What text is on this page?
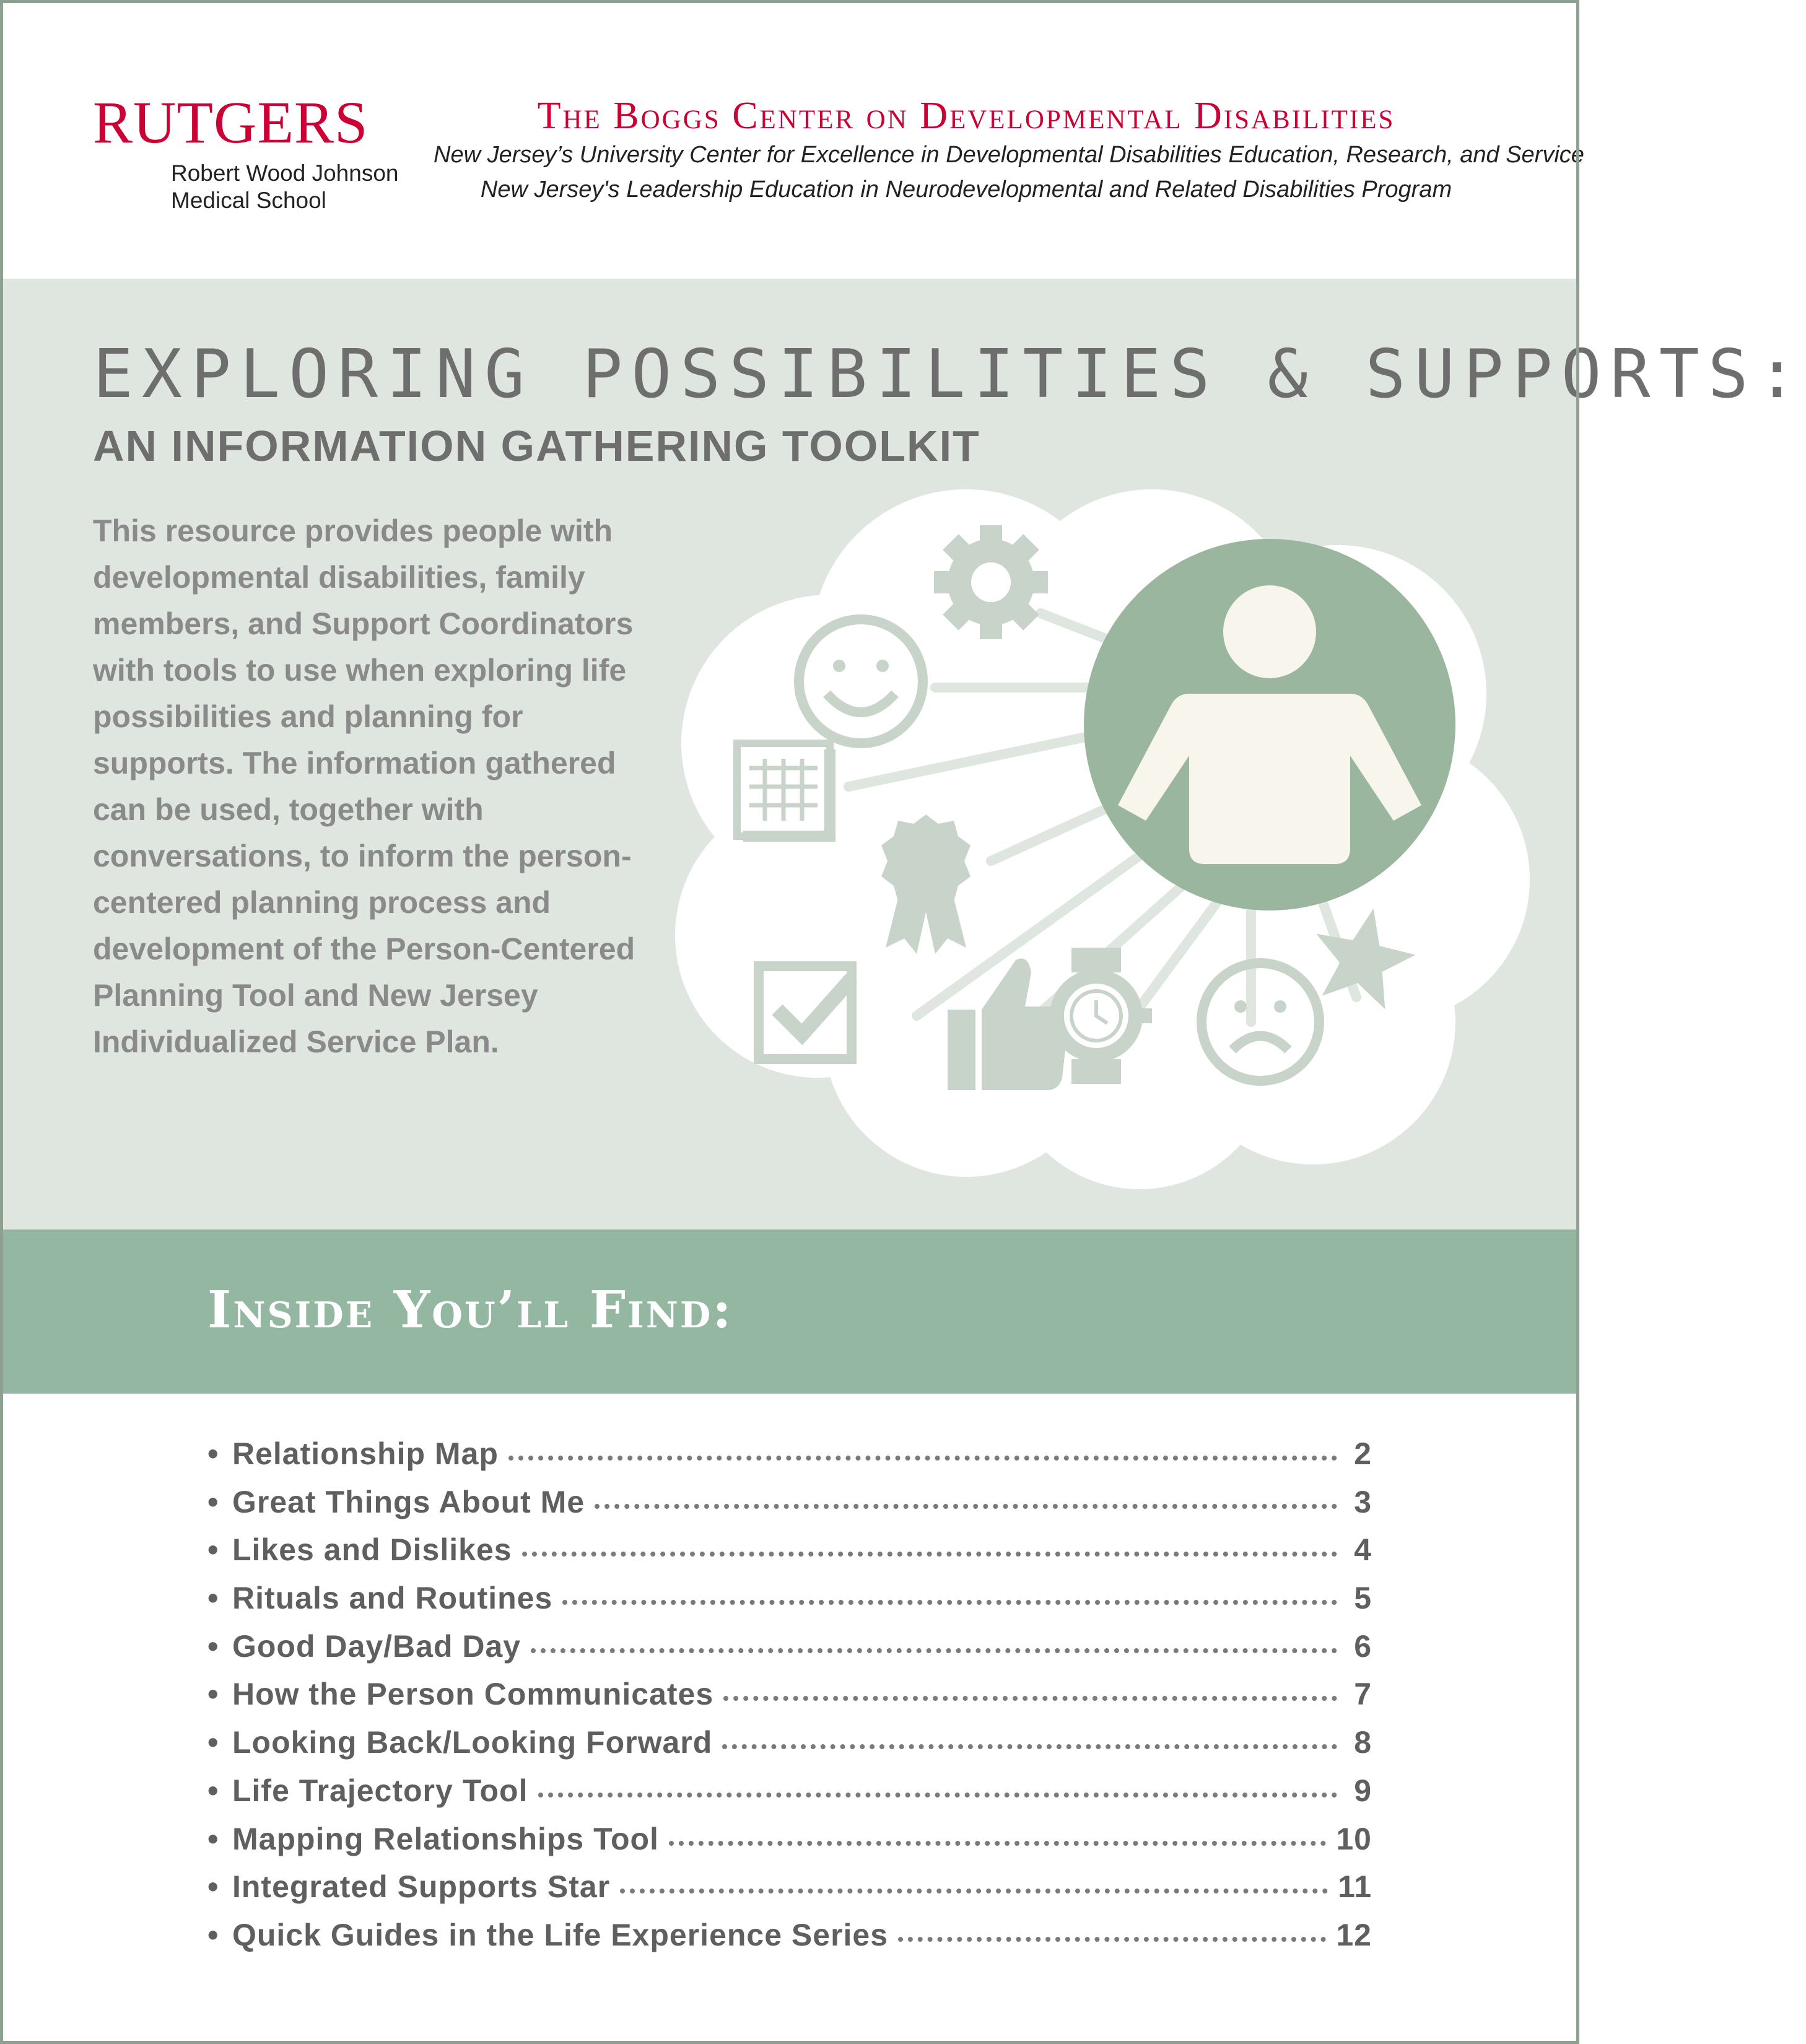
RUTGERS
Robert Wood Johnson
Medical School
The Boggs Center on Developmental Disabilities
New Jersey’s University Center for Excellence in Developmental Disabilities Education, Research, and Service
New Jersey's Leadership Education in Neurodevelopmental and Related Disabilities Program
EXPLORING POSSIBILITIES & SUPPORTS:
AN INFORMATION GATHERING TOOLKIT
This resource provides people with developmental disabilities, family members, and Support Coordinators with tools to use when exploring life possibilities and planning for supports. The information gathered can be used, together with conversations, to inform the person-centered planning process and development of the Person-Centered Planning Tool and New Jersey Individualized Service Plan.
Inside You’ll Find:
• Relationship Map	2
• Great Things About Me	3
• Likes and Dislikes	4
• Rituals and Routines	5
• Good Day/Bad Day	6
• How the Person Communicates	7
• Looking Back/Looking Forward	8
• Life Trajectory Tool	9
• Mapping Relationships Tool	10
• Integrated Supports Star	11
• Quick Guides in the Life Experience Series	12
